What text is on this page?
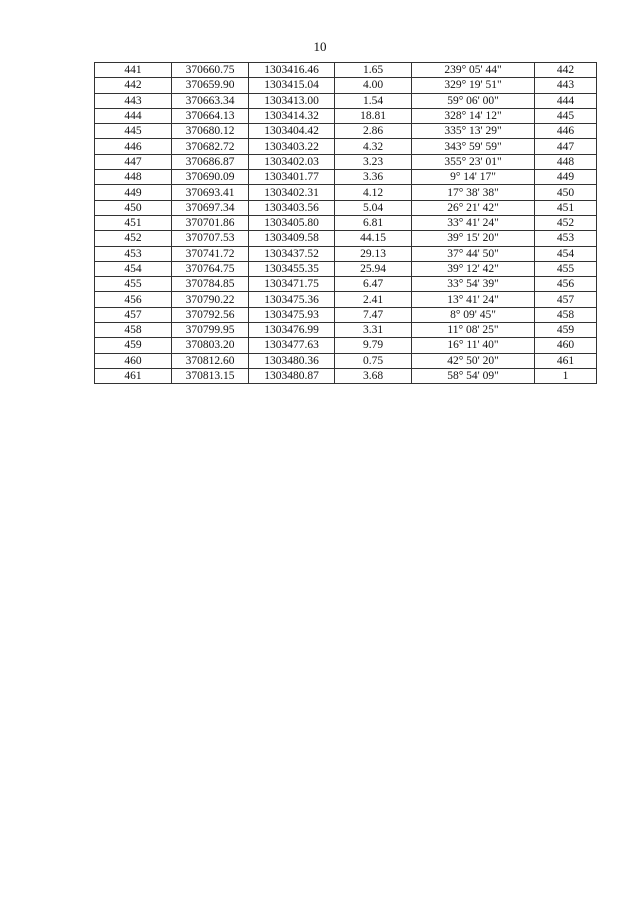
10
441	370660.75	1303416.46	1.65	239° 05' 44"	442
442	370659.90	1303415.04	4.00	329° 19' 51"	443
443	370663.34	1303413.00	1.54	59° 06' 00"	444
444	370664.13	1303414.32	18.81	328° 14' 12"	445
445	370680.12	1303404.42	2.86	335° 13' 29"	446
446	370682.72	1303403.22	4.32	343° 59' 59"	447
447	370686.87	1303402.03	3.23	355° 23' 01"	448
448	370690.09	1303401.77	3.36	9° 14' 17"	449
449	370693.41	1303402.31	4.12	17° 38' 38"	450
450	370697.34	1303403.56	5.04	26° 21' 42"	451
451	370701.86	1303405.80	6.81	33° 41' 24"	452
452	370707.53	1303409.58	44.15	39° 15' 20"	453
453	370741.72	1303437.52	29.13	37° 44' 50"	454
454	370764.75	1303455.35	25.94	39° 12' 42"	455
455	370784.85	1303471.75	6.47	33° 54' 39"	456
456	370790.22	1303475.36	2.41	13° 41' 24"	457
457	370792.56	1303475.93	7.47	8° 09' 45"	458
458	370799.95	1303476.99	3.31	11° 08' 25"	459
459	370803.20	1303477.63	9.79	16° 11' 40"	460
460	370812.60	1303480.36	0.75	42° 50' 20"	461
461	370813.15	1303480.87	3.68	58° 54' 09"	1
